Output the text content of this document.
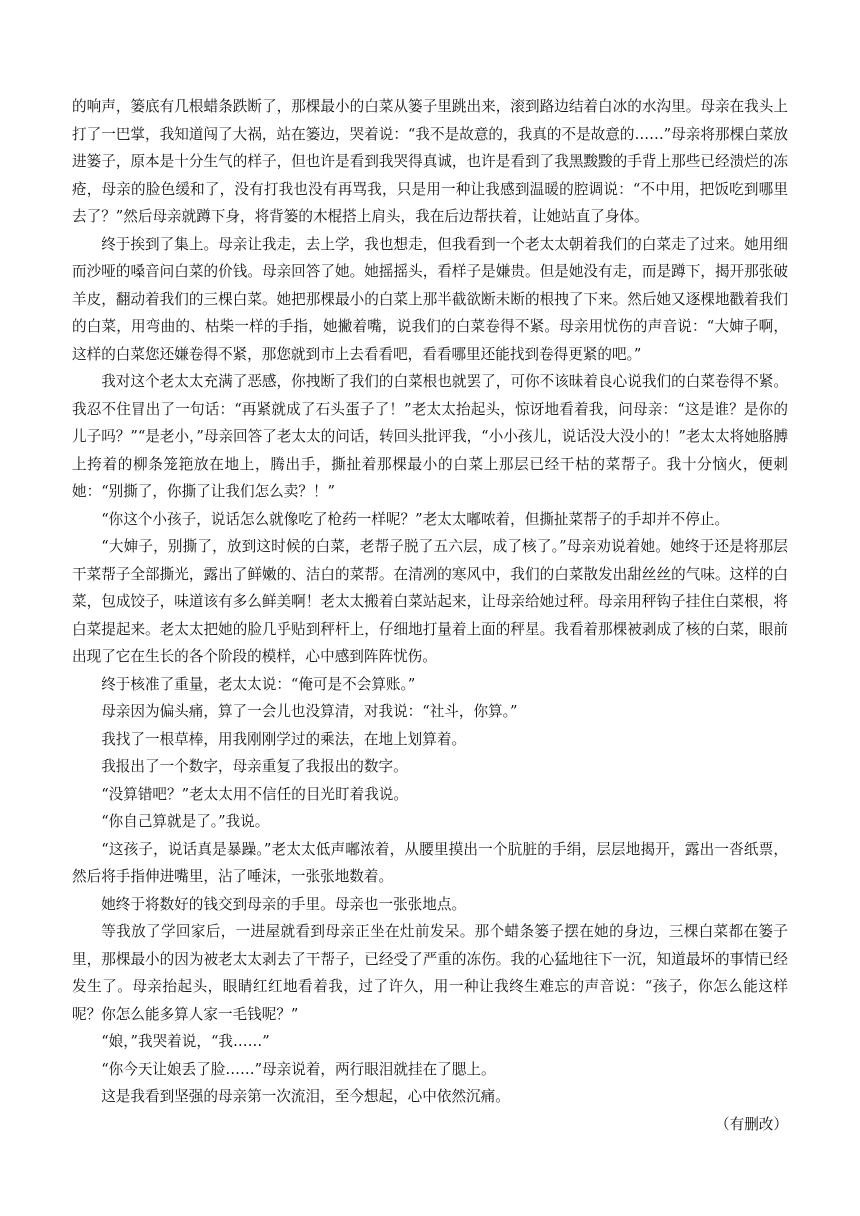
的响声，篓底有几根蜡条跌断了，那棵最小的白菜从篓子里跳出来，滚到路边结着白冰的水沟里。母亲在我头上打了一巴掌，我知道闯了大祸，站在篓边，哭着说：“我不是故意的，我真的不是故意的……”母亲将那棵白菜放进篓子，原本是十分生气的样子，但也许是看到我哭得真诚，也许是看到了我黑黢黢的手背上那些已经溃烂的冻疮，母亲的脸色缓和了，没有打我也没有再骂我，只是用一种让我感到温暖的腔调说：“不中用，把饭吃到哪里去了？”然后母亲就蹲下身，将背篓的木棍搭上肩头，我在后边帮扶着，让她站直了身体。

终于挨到了集上。母亲让我走，去上学，我也想走，但我看到一个老太太朝着我们的白菜走了过来。她用细而沙哑的嗓音问白菜的价钱。母亲回答了她。她摇摇头，看样子是嫌贵。但是她没有走，而是蹲下，揭开那张破羊皮，翻动着我们的三棵白菜。她把那棵最小的白菜上那半截欲断未断的根拽了下来。然后她又逐棵地戳着我们的白菜，用弯曲的、枯柴一样的手指，她撇着嘴，说我们的白菜卷得不紧。母亲用忧伤的声音说：“大婶子啊，这样的白菜您还嫌卷得不紧，那您就到市上去看看吧，看看哪里还能找到卷得更紧的吧。”

我对这个老太太充满了恶感，你拽断了我们的白菜根也就罢了，可你不该昧着良心说我们的白菜卷得不紧。我忍不住冒出了一句话：“再紧就成了石头蛋子了！”老太太抬起头，惊讶地看着我，问母亲：“这是谁？是你的儿子吗？”“是老小，”母亲回答了老太太的问话，转回头批评我，“小小孩儿，说话没大没小的！”老太太将她胳膊上挎着的柳条笼筢放在地上，腾出手，撕扯着那棵最小的白菜上那层已经干枯的菜帮子。我十分恼火，便刺她：“别撕了，你撕了让我们怎么卖？！”

“你这个小孩子，说话怎么就像吃了枪药一样呢？”老太太嘟哝着，但撕扯菜帮子的手却并不停止。

“大婶子，别撕了，放到这时候的白菜，老帮子脱了五六层，成了核了。”母亲劝说着她。她终于还是将那层干菜帮子全部撕光，露出了鲜嫩的、洁白的菜帮。在清冽的寒风中，我们的白菜散发出甜丝丝的气味。这样的白菜，包成饺子，味道该有多么鲜美啊！老太太搬着白菜站起来，让母亲给她过秤。母亲用秤钩子挂住白菜根，将白菜提起来。老太太把她的脸几乎贴到秤杆上，仔细地打量着上面的秤星。我看着那棵被剥成了核的白菜，眼前出现了它在生长的各个阶段的模样，心中感到阵阵忧伤。

终于核准了重量，老太太说：“俺可是不会算账。”

母亲因为偏头痛，算了一会儿也没算清，对我说：“社斗，你算。”

我找了一根草棒，用我刚刚学过的乘法，在地上划算着。

我报出了一个数字，母亲重复了我报出的数字。

“没算错吧？”老太太用不信任的目光盯着我说。

“你自己算就是了。”我说。

“这孩子，说话真是暴躁。”老太太低声嘟浓着，从腰里摸出一个肮脏的手绢，层层地揭开，露出一沓纸票，然后将手指伸进嘴里，沾了唾沫，一张张地数着。

她终于将数好的钱交到母亲的手里。母亲也一张张地点。

等我放了学回家后，一进屋就看到母亲正坐在灶前发呆。那个蜡条篓子摆在她的身边，三棵白菜都在篓子里，那棵最小的因为被老太太剥去了干帮子，已经受了严重的冻伤。我的心猛地往下一沉，知道最坏的事情已经发生了。母亲抬起头，眼睛红红地看着我，过了许久，用一种让我终生难忘的声音说：“孩子，你怎么能这样呢？你怎么能多算人家一毛钱呢？”

“娘，”我哭着说，“我……”

“你今天让娘丢了脸……”母亲说着，两行眼泪就挂在了腮上。

这是我看到坚强的母亲第一次流泪，至今想起，心中依然沉痛。

（有删改）
